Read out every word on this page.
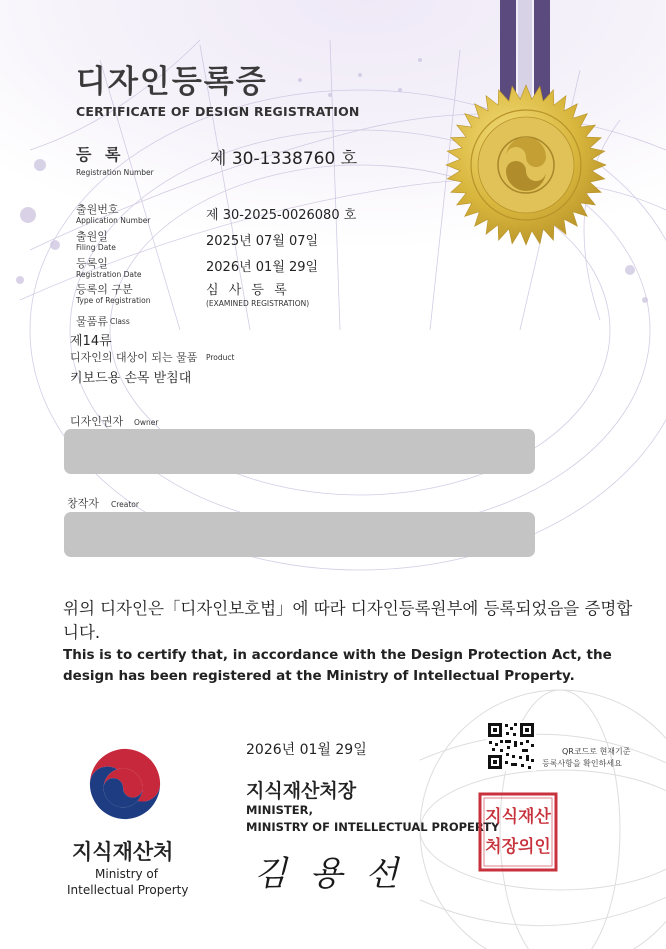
디자인등록증
CERTIFICATE OF DESIGN REGISTRATION
등 록
Registration Number
제 30-1338760 호
출원번호
Application Number	제 30-2025-0026080 호
출원일
Filing Date	2025년 07월 07일
등록일
Registration Date	2026년 01월 29일
등록의 구분
Type of Registration
심 사 등 록
(EXAMINED REGISTRATION)
물품류 Class
제14류
디자인의 대상이 되는 물품 Product
키보드용 손목 받침대
디자인권자 Owner
창작자 Creator
위의 디자인은「디자인보호법」에 따라 디자인등록원부에 등록되었음을 증명합니다.
This is to certify that, in accordance with the Design Protection Act, the design has been registered at the Ministry of Intellectual Property.
지식재산처
Ministry of
Intellectual Property
2026년 01월 29일
지식재산처장
MINISTER,
MINISTRY OF INTELLECTUAL PROPERTY
김 용 선
QR코드로 현재기준
등록사항을 확인하세요
지식재산처장의인
